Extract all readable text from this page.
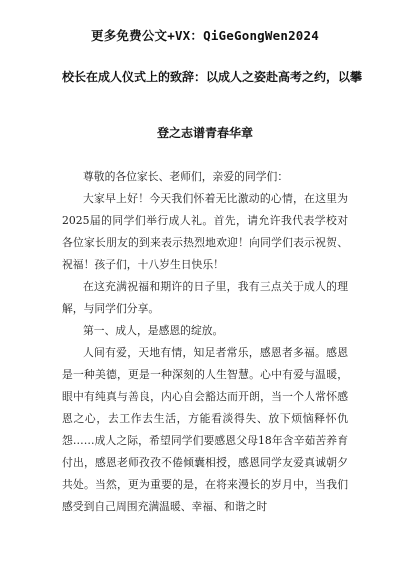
更多免费公文+VX：QiGeGongWen2024
校长在成人仪式上的致辞：以成人之姿赴高考之约，以攀
登之志谱青春华章

尊敬的各位家长、老师们，亲爱的同学们：

大家早上好！今天我们怀着无比激动的心情，在这里为2025届的同学们举行成人礼。首先，请允许我代表学校对各位家长朋友的到来表示热烈地欢迎！向同学们表示祝贺、祝福！孩子们，十八岁生日快乐！

在这充满祝福和期许的日子里，我有三点关于成人的理解，与同学们分享。

第一、成人，是感恩的绽放。

人间有爱，天地有情，知足者常乐，感恩者多福。感恩是一种美德，更是一种深刻的人生智慧。心中有爱与温暖，眼中有纯真与善良，内心自会豁达而开朗，当一个人常怀感恩之心，去工作去生活，方能看淡得失、放下烦恼释怀仇怨……成人之际，希望同学们要感恩父母18年含辛茹苦养育付出，感恩老师孜孜不倦倾囊相授，感恩同学友爱真诚朝夕共处。当然，更为重要的是，在将来漫长的岁月中，当我们感受到自己周围充满温暖、幸福、和谐之时
